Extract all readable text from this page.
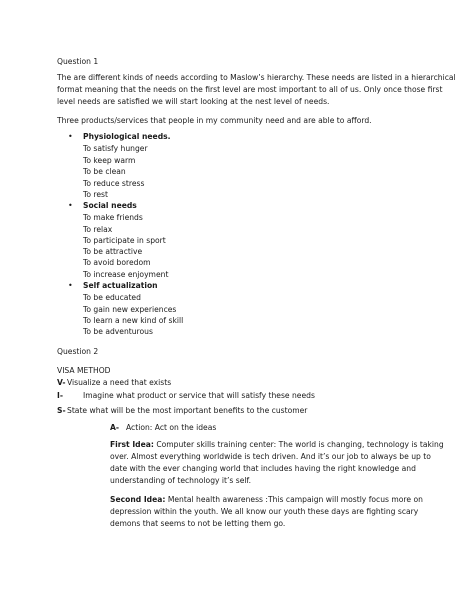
Question 1
The are different kinds of needs according to Maslow’s hierarchy. These needs are listed in a hierarchical
format meaning that the needs on the first level are most important to all of us. Only once those first
level needs are satisfied we will start looking at the nest level of needs.
Three products/services that people in my community need and are able to afford.
• Physiological needs.
To satisfy hunger
To keep warm
To be clean
To reduce stress
To rest
• Social needs
To make friends
To relax
To participate in sport
To be attractive
To avoid boredom
To increase enjoyment
• Self actualization
To be educated
To gain new experiences
To learn a new kind of skill
To be adventurous
Question 2
VISA METHOD
V- Visualize a need that exists
I-	Imagine what product or service that will satisfy these needs
S- State what will be the most important benefits to the customer
A- Action: Act on the ideas
First Idea: Computer skills training center: The world is changing, technology is taking
over. Almost everything worldwide is tech driven. And it’s our job to always be up to
date with the ever changing world that includes having the right knowledge and
understanding of technology it’s self.
Second Idea: Mental health awareness :This campaign will mostly focus more on
depression within the youth. We all know our youth these days are fighting scary
demons that seems to not be letting them go.
